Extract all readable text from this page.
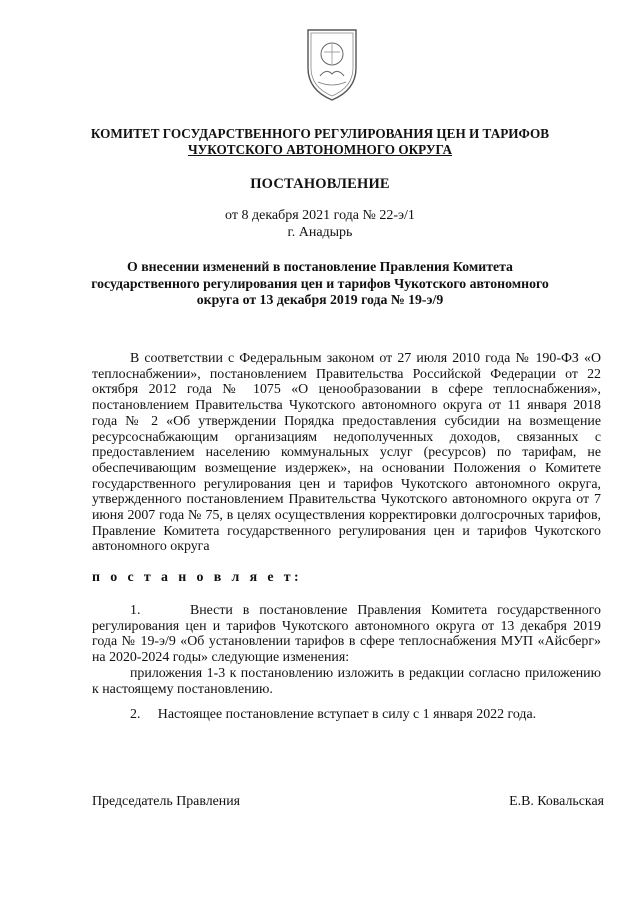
КОМИТЕТ ГОСУДАРСТВЕННОГО РЕГУЛИРОВАНИЯ ЦЕН И ТАРИФОВ
ЧУКОТСКОГО АВТОНОМНОГО ОКРУГА
ПОСТАНОВЛЕНИЕ
от 8 декабря 2021 года № 22-э/1
г. Анадырь
О внесении изменений в постановление Правления Комитета государственного регулирования цен и тарифов Чукотского автономного округа от 13 декабря 2019 года № 19-э/9
В соответствии с Федеральным законом от 27 июля 2010 года № 190-ФЗ «О теплоснабжении», постановлением Правительства Российской Федерации от 22 октября 2012 года № 1075 «О ценообразовании в сфере теплоснабжения», постановлением Правительства Чукотского автономного округа от 11 января 2018 года № 2 «Об утверждении Порядка предоставления субсидии на возмещение ресурсоснабжающим организациям недополученных доходов, связанных с предоставлением населению коммунальных услуг (ресурсов) по тарифам, не обеспечивающим возмещение издержек», на основании Положения о Комитете государственного регулирования цен и тарифов Чукотского автономного округа, утвержденного постановлением Правительства Чукотского автономного округа от 7 июня 2007 года № 75, в целях осуществления корректировки долгосрочных тарифов, Правление Комитета государственного регулирования цен и тарифов Чукотского автономного округа
п о с т а н о в л я е т:
1.	Внести в постановление Правления Комитета государственного регулирования цен и тарифов Чукотского автономного округа от 13 декабря 2019 года № 19-э/9 «Об установлении тарифов в сфере теплоснабжения МУП «Айсберг» на 2020-2024 годы» следующие изменения:
приложения 1-3 к постановлению изложить в редакции согласно приложению к настоящему постановлению.
2. Настоящее постановление вступает в силу с 1 января 2022 года.
Председатель Правления	Е.В. Ковальская
